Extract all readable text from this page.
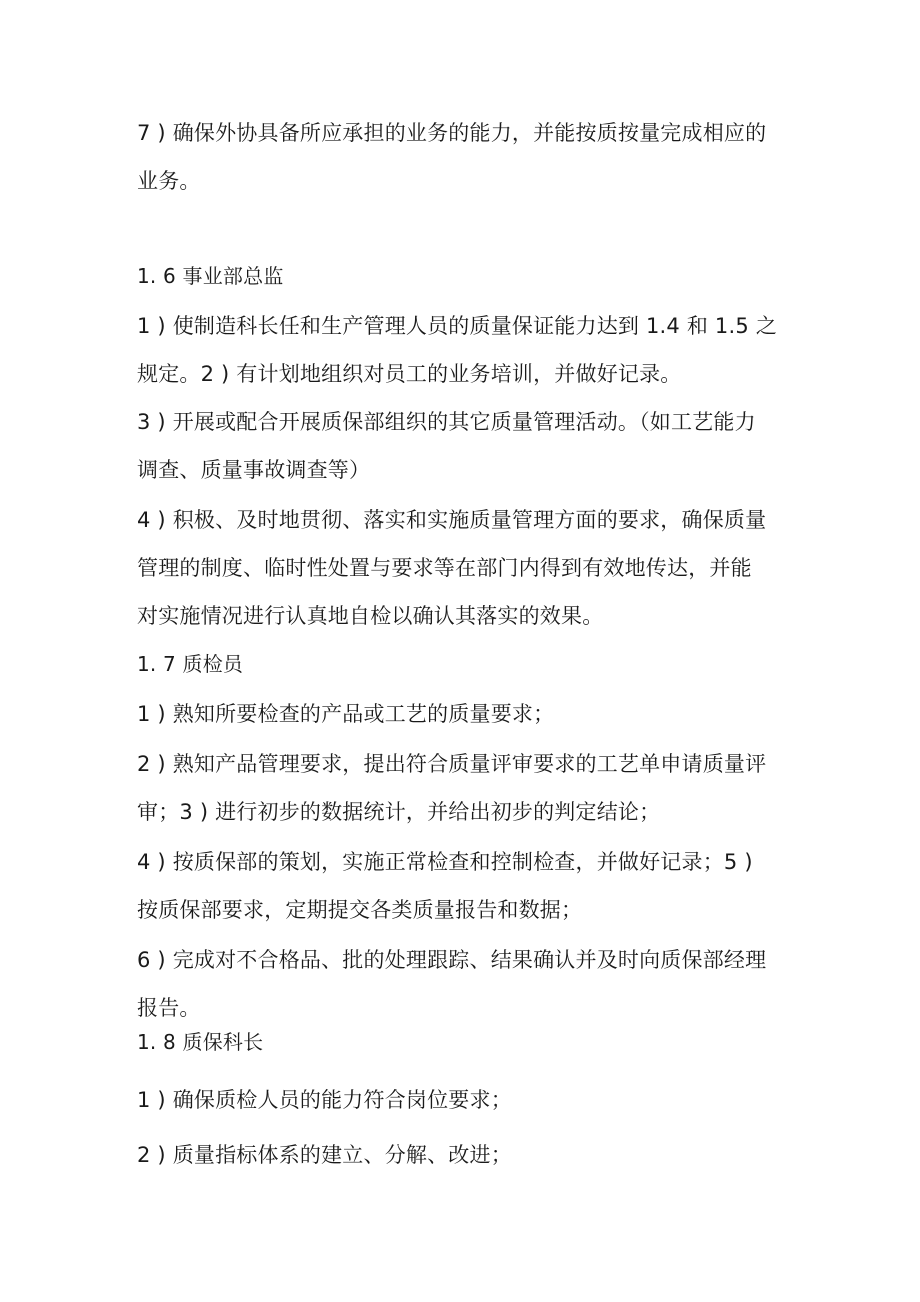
7 ) 确保外协具备所应承担的业务的能力，并能按质按量完成相应的
业务。
1. 6 事业部总监
1 ) 使制造科长任和生产管理人员的质量保证能力达到 1.4 和 1.5 之
规定。2 ) 有计划地组织对员工的业务培训，并做好记录。
3 ) 开展或配合开展质保部组织的其它质量管理活动。（如工艺能力
调查、质量事故调查等）
4 ) 积极、及时地贯彻、落实和实施质量管理方面的要求，确保质量
管理的制度、临时性处置与要求等在部门内得到有效地传达，并能
对实施情况进行认真地自检以确认其落实的效果。
1. 7 质检员
1 ) 熟知所要检查的产品或工艺的质量要求；
2 ) 熟知产品管理要求，提出符合质量评审要求的工艺单申请质量评
审；3 ) 进行初步的数据统计，并给出初步的判定结论；
4 ) 按质保部的策划，实施正常检查和控制检查，并做好记录；5 )
按质保部要求，定期提交各类质量报告和数据；
6 ) 完成对不合格品、批的处理跟踪、结果确认并及时向质保部经理
报告。
1. 8 质保科长
1 ) 确保质检人员的能力符合岗位要求；
2 ) 质量指标体系的建立、分解、改进；
